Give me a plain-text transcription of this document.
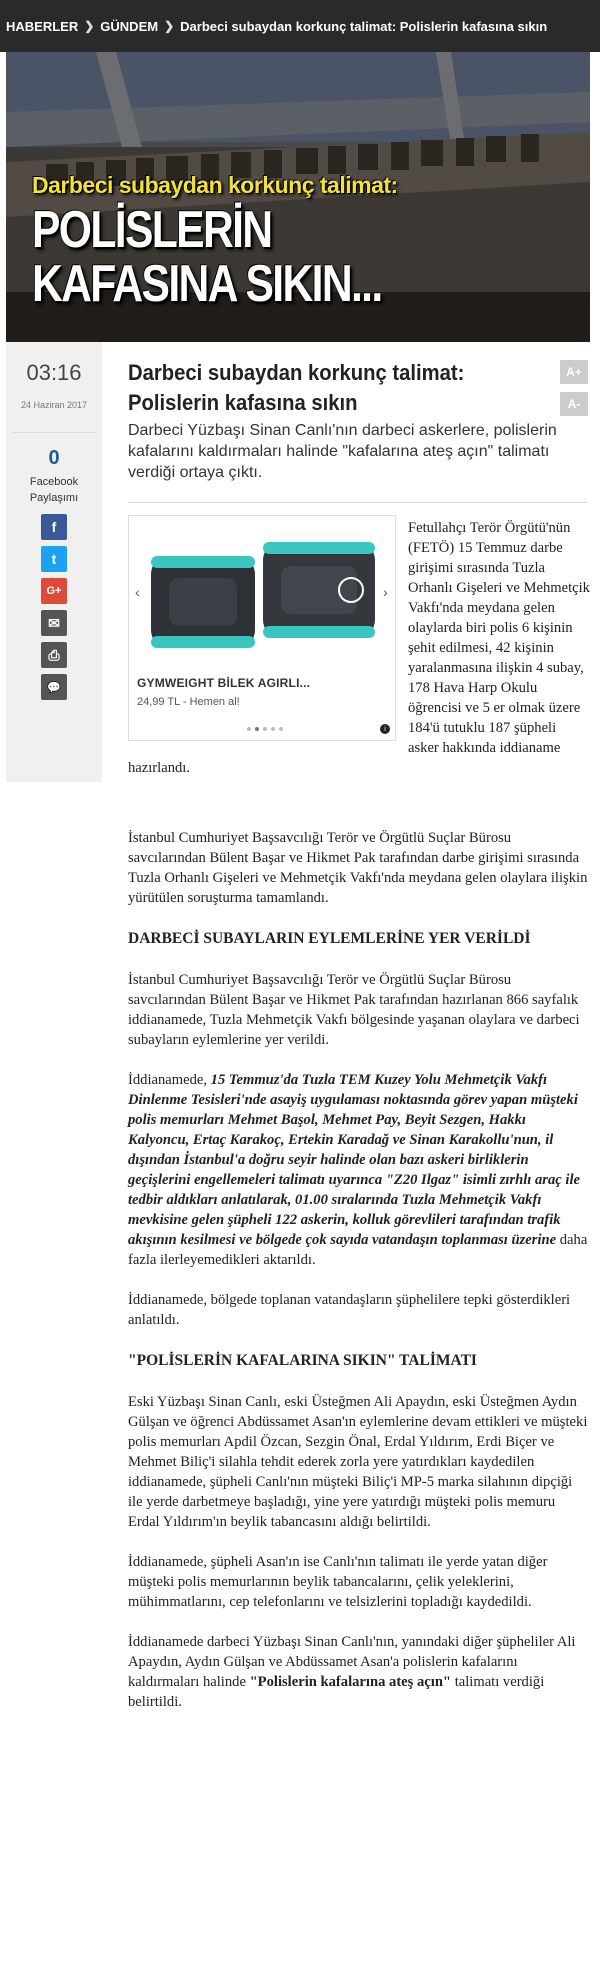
HABERLER ❯ GÜNDEM ❯ Darbeci subaydan korkunç talimat: Polislerin kafasına sıkın
Darbeci subaydan korkunç talimat:
POLİSLERİN
KAFASINA SIKIN...
03:16
24 Haziran 2017
0
Facebook Paylaşımı
f
t
G+
✉
⎙
💬
Darbeci subaydan korkunç talimat: Polislerin kafasına sıkın
A+
A-

Darbeci Yüzbaşı Sinan Canlı'nın darbeci askerlere, polislerin kafalarını kaldırmaları halinde "kafalarına ateş açın" talimatı verdiği ortaya çıktı.

Fetullahçı Terör Örgütü'nün (FETÖ) 15 Temmuz darbe girişimi sırasında Tuzla Orhanlı Gişeleri ve Mehmetçik Vakfı'nda meydana gelen olaylarda biri polis 6 kişinin şehit edilmesi, 42 kişinin yaralanmasına ilişkin 4 subay, 178 Hava Harp Okulu öğrencisi ve 5 er olmak üzere 184'ü tutuklu 187 şüpheli asker hakkında iddianame hazırlandı.
‹	›
GYMWEIGHT BİLEK AGIRLI...
24,99 TL - Hemen al!
i

İstanbul Cumhuriyet Başsavcılığı Terör ve Örgütlü Suçlar Bürosu savcılarından Bülent Başar ve Hikmet Pak tarafından darbe girişimi sırasında Tuzla Orhanlı Gişeleri ve Mehmetçik Vakfı'nda meydana gelen olaylara ilişkin yürütülen soruşturma tamamlandı.

DARBECİ SUBAYLARIN EYLEMLERİNE YER VERİLDİ

İstanbul Cumhuriyet Başsavcılığı Terör ve Örgütlü Suçlar Bürosu savcılarından Bülent Başar ve Hikmet Pak tarafından hazırlanan 866 sayfalık iddianamede, Tuzla Mehmetçik Vakfı bölgesinde yaşanan olaylara ve darbeci subayların eylemlerine yer verildi.

İddianamede, 15 Temmuz'da Tuzla TEM Kuzey Yolu Mehmetçik Vakfı Dinlenme Tesisleri'nde asayiş uygulaması noktasında görev yapan müşteki polis memurları Mehmet Başol, Mehmet Pay, Beyit Sezgen, Hakkı Kalyoncu, Ertaç Karakoç, Ertekin Karadağ ve Sinan Karakollu'nun, il dışından İstanbul'a doğru seyir halinde olan bazı askeri birliklerin geçişlerini engellemeleri talimatı uyarınca "Z20 Ilgaz" isimli zırhlı araç ile tedbir aldıkları anlatılarak, 01.00 sıralarında Tuzla Mehmetçik Vakfı mevkisine gelen şüpheli 122 askerin, kolluk görevlileri tarafından trafik akışının kesilmesi ve bölgede çok sayıda vatandaşın toplanması üzerine daha fazla ilerleyemedikleri aktarıldı.

İddianamede, bölgede toplanan vatandaşların şüphelilere tepki gösterdikleri anlatıldı.

"POLİSLERİN KAFALARINA SIKIN" TALİMATI

Eski Yüzbaşı Sinan Canlı, eski Üsteğmen Ali Apaydın, eski Üsteğmen Aydın Gülşan ve öğrenci Abdüssamet Asan'ın eylemlerine devam ettikleri ve müşteki polis memurları Apdil Özcan, Sezgin Önal, Erdal Yıldırım, Erdi Biçer ve Mehmet Biliç'i silahla tehdit ederek zorla yere yatırdıkları kaydedilen iddianamede, şüpheli Canlı'nın müşteki Biliç'i MP-5 marka silahının dipçiği ile yerde darbetmeye başladığı, yine yere yatırdığı müşteki polis memuru Erdal Yıldırım'ın beylik tabancasını aldığı belirtildi.

İddianamede, şüpheli Asan'ın ise Canlı'nın talimatı ile yerde yatan diğer müşteki polis memurlarının beylik tabancalarını, çelik yeleklerini, mühimmatlarını, cep telefonlarını ve telsizlerini topladığı kaydedildi.

İddianamede darbeci Yüzbaşı Sinan Canlı'nın, yanındaki diğer şüpheliler Ali Apaydın, Aydın Gülşan ve Abdüssamet Asan'a polislerin kafalarını kaldırmaları halinde "Polislerin kafalarına ateş açın" talimatı verdiği belirtildi.
